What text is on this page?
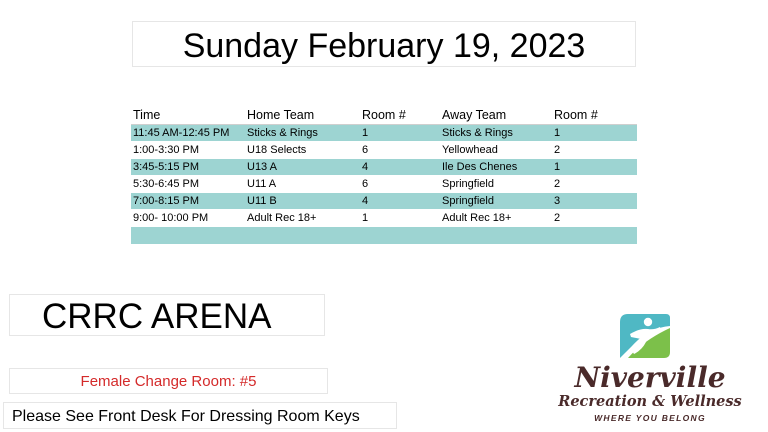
Sunday February 19, 2023
Time	Home Team	Room #	Away Team	Room #
11:45 AM-12:45 PM Sticks & Rings	1	Sticks & Rings	1
1:00-3:30 PM	U18 Selects	6	Yellowhead	2
3:45-5:15 PM	U13 A	4	Ile Des Chenes	1
5:30-6:45 PM	U11 A	6	Springfield	2
7:00-8:15 PM	U11 B	4	Springfield	3
9:00- 10:00 PM	Adult Rec 18+	1	Adult Rec 18+	2
CRRC ARENA
Female Change Room: #5
Please See Front Desk For Dressing Room Keys
Niverville
Recreation & Wellness
WHERE YOU BELONG
